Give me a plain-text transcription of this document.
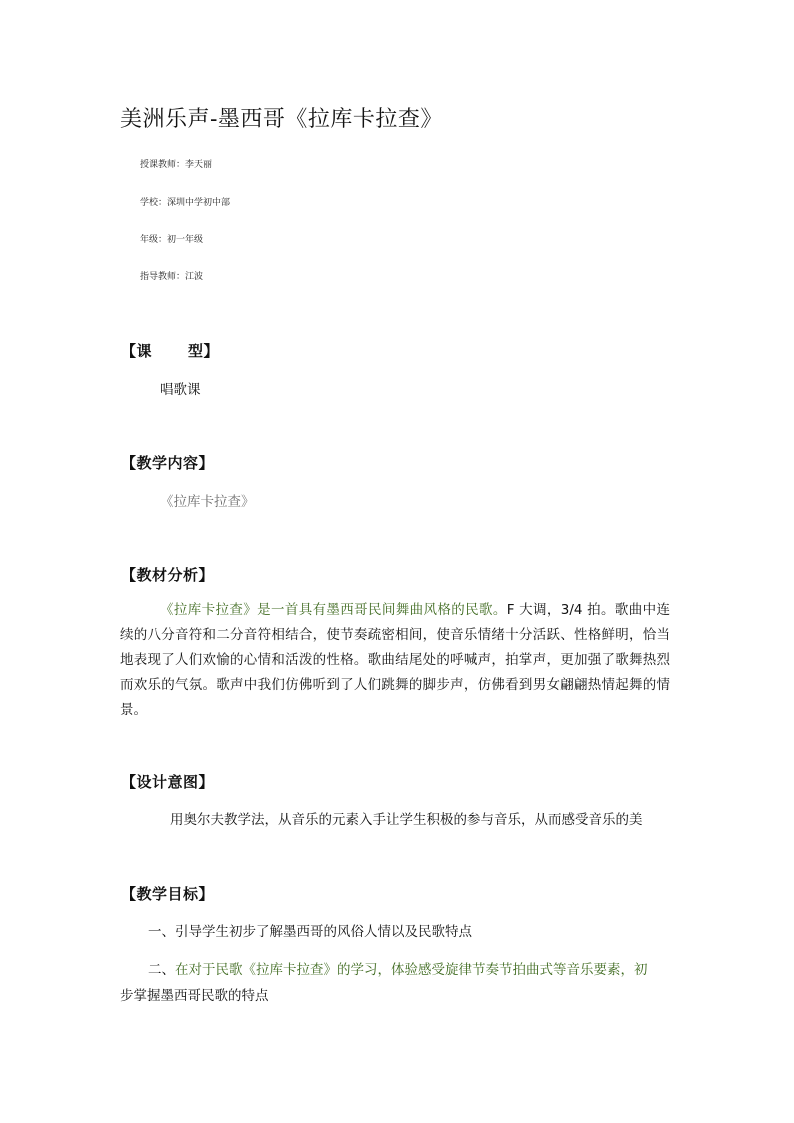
美洲乐声-墨西哥《拉库卡拉查》
授课教师：李天丽
学校：深圳中学初中部
年级：初一年级
指导教师：江波
【课 型】
唱歌课
【教学内容】
《拉库卡拉查》
【教材分析】
《拉库卡拉查》是一首具有墨西哥民间舞曲风格的民歌。F 大调，3/4 拍。歌曲中连续的八分音符和二分音符相结合，使节奏疏密相间，使音乐情绪十分活跃、性格鲜明，恰当地表现了人们欢愉的心情和活泼的性格。歌曲结尾处的呼喊声，拍掌声，更加强了歌舞热烈而欢乐的气氛。歌声中我们仿佛听到了人们跳舞的脚步声，仿佛看到男女翩翩热情起舞的情景。
【设计意图】
用奥尔夫教学法，从音乐的元素入手让学生积极的参与音乐，从而感受音乐的美
【教学目标】
一、引导学生初步了解墨西哥的风俗人情以及民歌特点
二、在对于民歌《拉库卡拉查》的学习，体验感受旋律节奏节拍曲式等音乐要素，初
步掌握墨西哥民歌的特点
